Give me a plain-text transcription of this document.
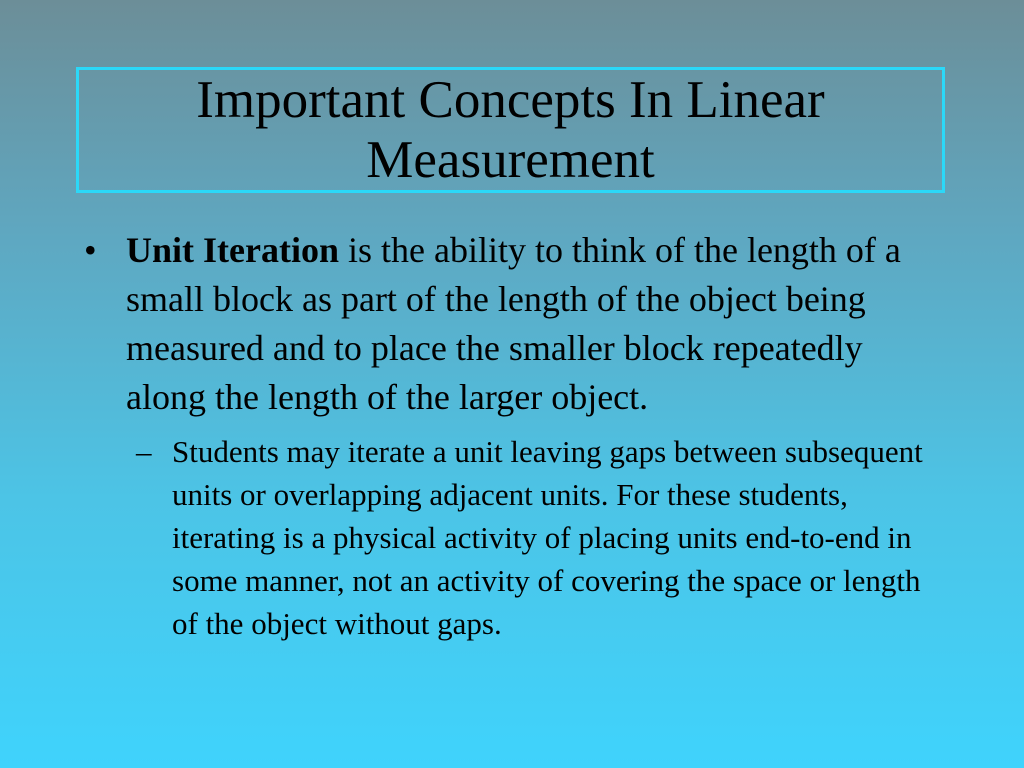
Important Concepts In Linear Measurement
• Unit Iteration is the ability to think of the length of a small block as part of the length of the object being measured and to place the smaller block repeatedly along the length of the larger object.
– Students may iterate a unit leaving gaps between subsequent units or overlapping adjacent units. For these students, iterating is a physical activity of placing units end-to-end in some manner, not an activity of covering the space or length of the object without gaps.
